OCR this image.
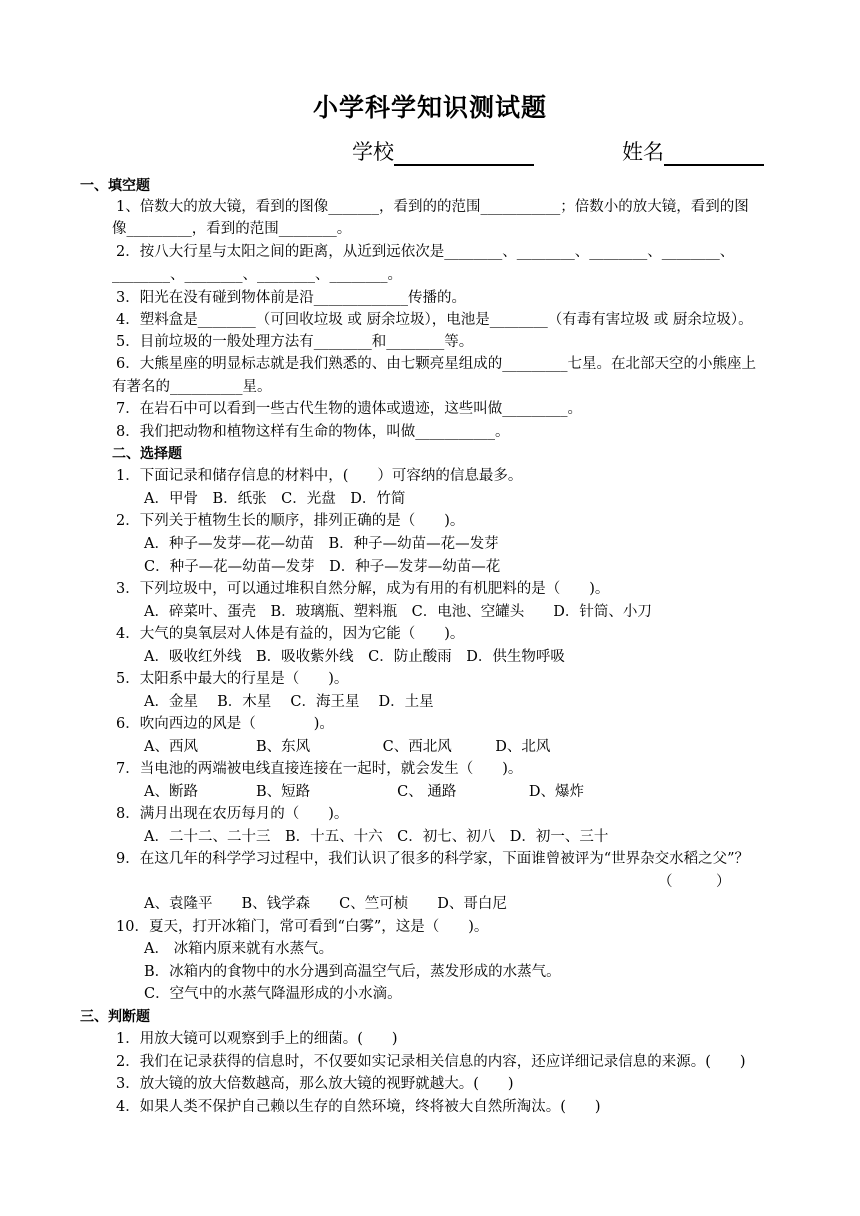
小学科学知识测试题
学校	姓名
一、填空题
1、倍数大的放大镜，看到的图像_______，看到的的范围___________；倍数小的放大镜，看到的图
像_________，看到的范围________。
2．按八大行星与太阳之间的距离，从近到远依次是________、________、________、________、
________、________、________、________。
3．阳光在没有碰到物体前是沿_____________传播的。
4．塑料盒是________（可回收垃圾 或 厨余垃圾），电池是________（有毒有害垃圾 或 厨余垃圾）。
5．目前垃圾的一般处理方法有________和________等。
6．大熊星座的明显标志就是我们熟悉的、由七颗亮星组成的_________七星。在北部天空的小熊座上
有著名的__________星。
7．在岩石中可以看到一些古代生物的遗体或遗迹，这些叫做_________。
8．我们把动物和植物这样有生命的物体，叫做___________。
二、选择题
1．下面记录和储存信息的材料中，(　　）可容纳的信息最多。
A．甲骨　B．纸张　C．光盘　D．竹简
2．下列关于植物生长的顺序，排列正确的是（　　)。
A．种子—发芽—花—幼苗　B．种子—幼苗—花—发芽
C．种子—花—幼苗—发芽　D．种子—发芽—幼苗—花
3．下列垃圾中，可以通过堆积自然分解，成为有用的有机肥料的是（　　)。
A．碎菜叶、蛋壳　B．玻璃瓶、塑料瓶　C．电池、空罐头　　D．针筒、小刀
4．大气的臭氧层对人体是有益的，因为它能（　　)。
A．吸收红外线　B．吸收紫外线　C．防止酸雨　D．供生物呼吸
5．太阳系中最大的行星是（　　)。
A．金星　 B．木星　 C．海王星　 D．土星
6．吹向西边的风是（　　　　)。
A、西风　　　　B、东风　　　　　C、西北风　　　D、北风
7．当电池的两端被电线直接连接在一起时，就会发生（　　)。
A、断路　　　　B、短路　　　　　　C、 通路　　　　　D、爆炸
8．满月出现在农历每月的（　　)。
A．二十二、二十三　B．十五、十六　C．初七、初八　D．初一、三十
9．在这几年的科学学习过程中，我们认识了很多的科学家，下面谁曾被评为“世界杂交水稻之父”？
（　　　）
A、袁隆平　　B、钱学森　　C、竺可桢　　D、哥白尼
10．夏天，打开冰箱门，常可看到“白雾”，这是（　　)。
A． 冰箱内原来就有水蒸气。
B．冰箱内的食物中的水分遇到高温空气后，蒸发形成的水蒸气。
C．空气中的水蒸气降温形成的小水滴。
三、判断题
1．用放大镜可以观察到手上的细菌。(　　)
2．我们在记录获得的信息时，不仅要如实记录相关信息的内容，还应详细记录信息的来源。(　　)
3．放大镜的放大倍数越高，那么放大镜的视野就越大。(　　)
4．如果人类不保护自己赖以生存的自然环境，终将被大自然所淘汰。(　　)
